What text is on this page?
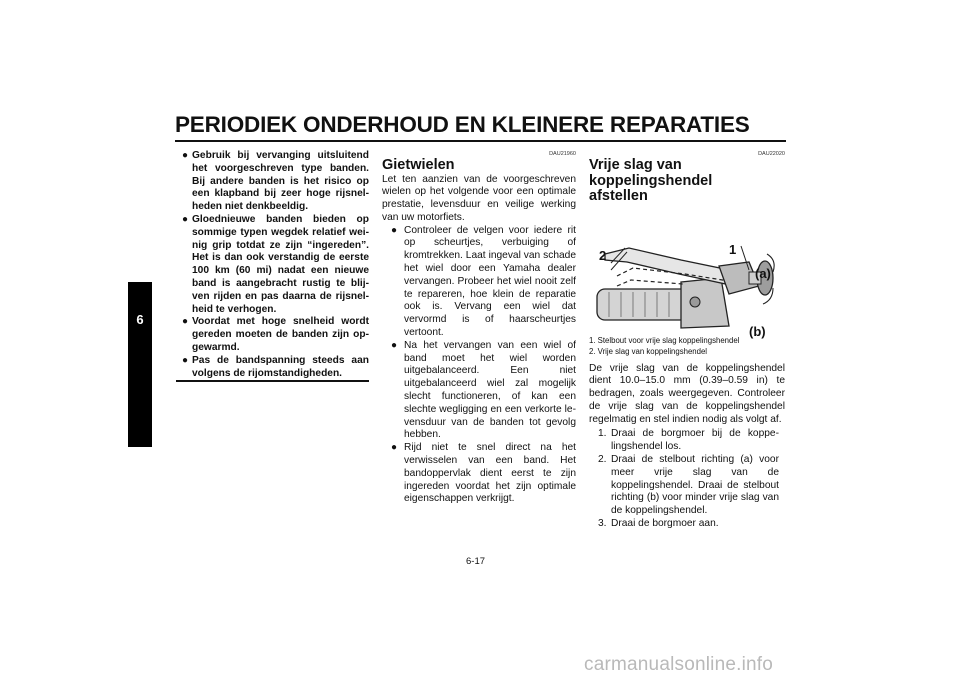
PERIODIEK ONDERHOUD EN KLEINERE REPARATIES
6
● Gebruik bij vervanging uitsluitend het voorgeschreven type banden. Bij andere banden is het risico op een klapband bij zeer hoge rijsnelheden niet denkbeeldig.
● Gloednieuwe banden bieden op sommige typen wegdek relatief weinig grip totdat ze zijn “ingereden”. Het is dan ook verstandig de eerste 100 km (60 mi) nadat een nieuwe band is aangebracht rustig te blijven rijden en pas daarna de rijsnelheid te verhogen.
● Voordat met hoge snelheid wordt gereden moeten de banden zijn opgewarmd.
● Pas de bandspanning steeds aan volgens de rijomstandigheden.
DAU21960
Gietwielen

Let ten aanzien van de voorgeschreven wielen op het volgende voor een optimale prestatie, levensduur en veilige werking van uw motorfiets.

● Controleer de velgen voor iedere rit op scheurtjes, verbuiging of kromtrekken. Laat ingeval van schade het wiel door een Yamaha dealer vervangen. Probeer het wiel nooit zelf te repareren, hoe klein de reparatie ook is. Vervang een wiel dat vervormd is of haarscheurtjes vertoont.
● Na het vervangen van een wiel of band moet het wiel worden uitgebalanceerd. Een niet uitgebalanceerd wiel zal mogelijk slecht functioneren, of kan een slechte wegligging en een verkorte levensduur van de banden tot gevolg hebben.
● Rijd niet te snel direct na het verwisselen van een band. Het bandoppervlak dient eerst te zijn ingereden voordat het zijn optimale eigenschappen verkrijgt.
DAU22020
Vrije slag van koppelingshendel
afstellen
2	1
(a)
(b)
1. Stelbout voor vrije slag koppelingshendel
2. Vrije slag van koppelingshendel

De vrije slag van de koppelingshendel dient 10.0–15.0 mm (0.39–0.59 in) te bedragen, zoals weergegeven. Controleer de vrije slag van de koppelingshendel regelmatig en stel indien nodig als volgt af.

1. Draai de borgmoer bij de koppelingshendel los.
2. Draai de stelbout richting (a) voor meer vrije slag van de koppelingshendel. Draai de stelbout richting (b) voor minder vrije slag van de koppelingshendel.
3. Draai de borgmoer aan.
6-17
carmanualsonline.info
